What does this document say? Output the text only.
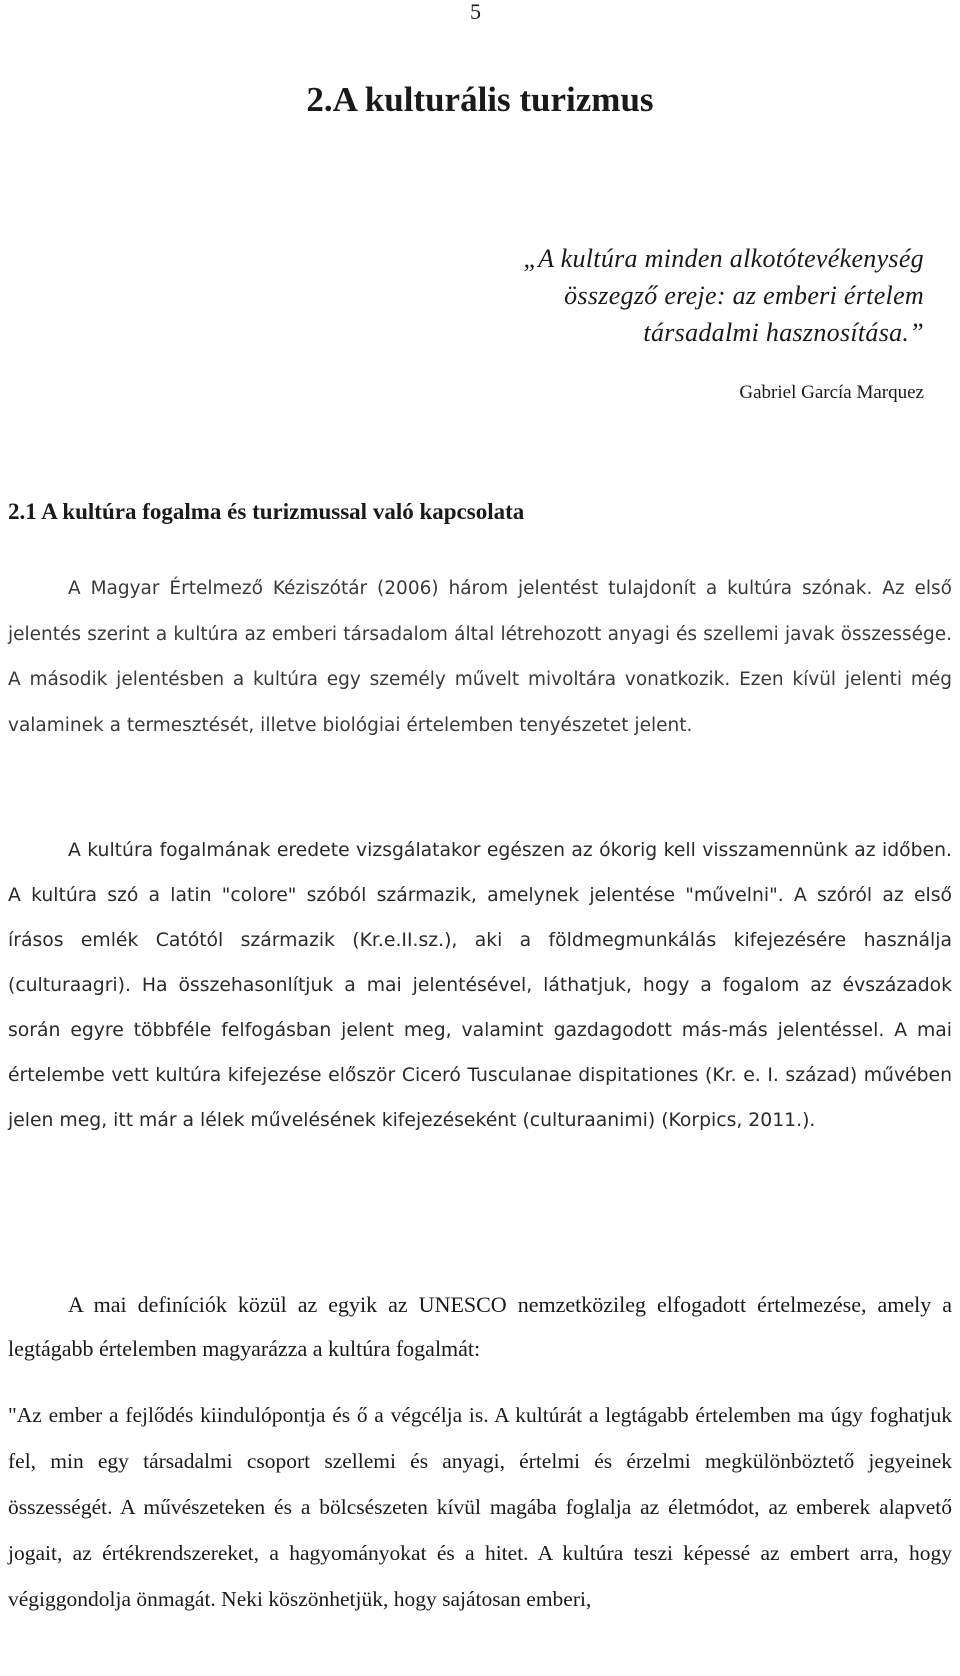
5
2.A kulturális turizmus
„A kultúra minden alkotótevékenység összegző ereje: az emberi értelem társadalmi hasznosítása.”
Gabriel García Marquez
2.1 A kultúra fogalma és turizmussal való kapcsolata

A Magyar Értelmező Kéziszótár (2006) három jelentést tulajdonít a kultúra szónak. Az első jelentés szerint a kultúra az emberi társadalom által létrehozott anyagi és szellemi javak összessége. A második jelentésben a kultúra egy személy művelt mivoltára vonatkozik. Ezen kívül jelenti még valaminek a termesztését, illetve biológiai értelemben tenyészetet jelent.

A kultúra fogalmának eredete vizsgálatakor egészen az ókorig kell visszamennünk az időben. A kultúra szó a latin "colore" szóból származik, amelynek jelentése "művelni". A szóról az első írásos emlék Catótól származik (Kr.e.II.sz.), aki a földmegmunkálás kifejezésére használja (culturaagri). Ha összehasonlítjuk a mai jelentésével, láthatjuk, hogy a fogalom az évszázadok során egyre többféle felfogásban jelent meg, valamint gazdagodott más-más jelentéssel. A mai értelembe vett kultúra kifejezése először Ciceró Tusculanae dispitationes (Kr. e. I. század) művében jelen meg, itt már a lélek művelésének kifejezéseként (culturaanimi) (Korpics, 2011.).

A mai definíciók közül az egyik az UNESCO nemzetközileg elfogadott értelmezése, amely a legtágabb értelemben magyarázza a kultúra fogalmát:

"Az ember a fejlődés kiindulópontja és ő a végcélja is. A kultúrát a legtágabb értelemben ma úgy foghatjuk fel, min egy társadalmi csoport szellemi és anyagi, értelmi és érzelmi megkülönböztető jegyeinek összességét. A művészeteken és a bölcsészeten kívül magába foglalja az életmódot, az emberek alapvető jogait, az értékrendszereket, a hagyományokat és a hitet. A kultúra teszi képessé az embert arra, hogy végiggondolja önmagát. Neki köszönhetjük, hogy sajátosan emberi,
